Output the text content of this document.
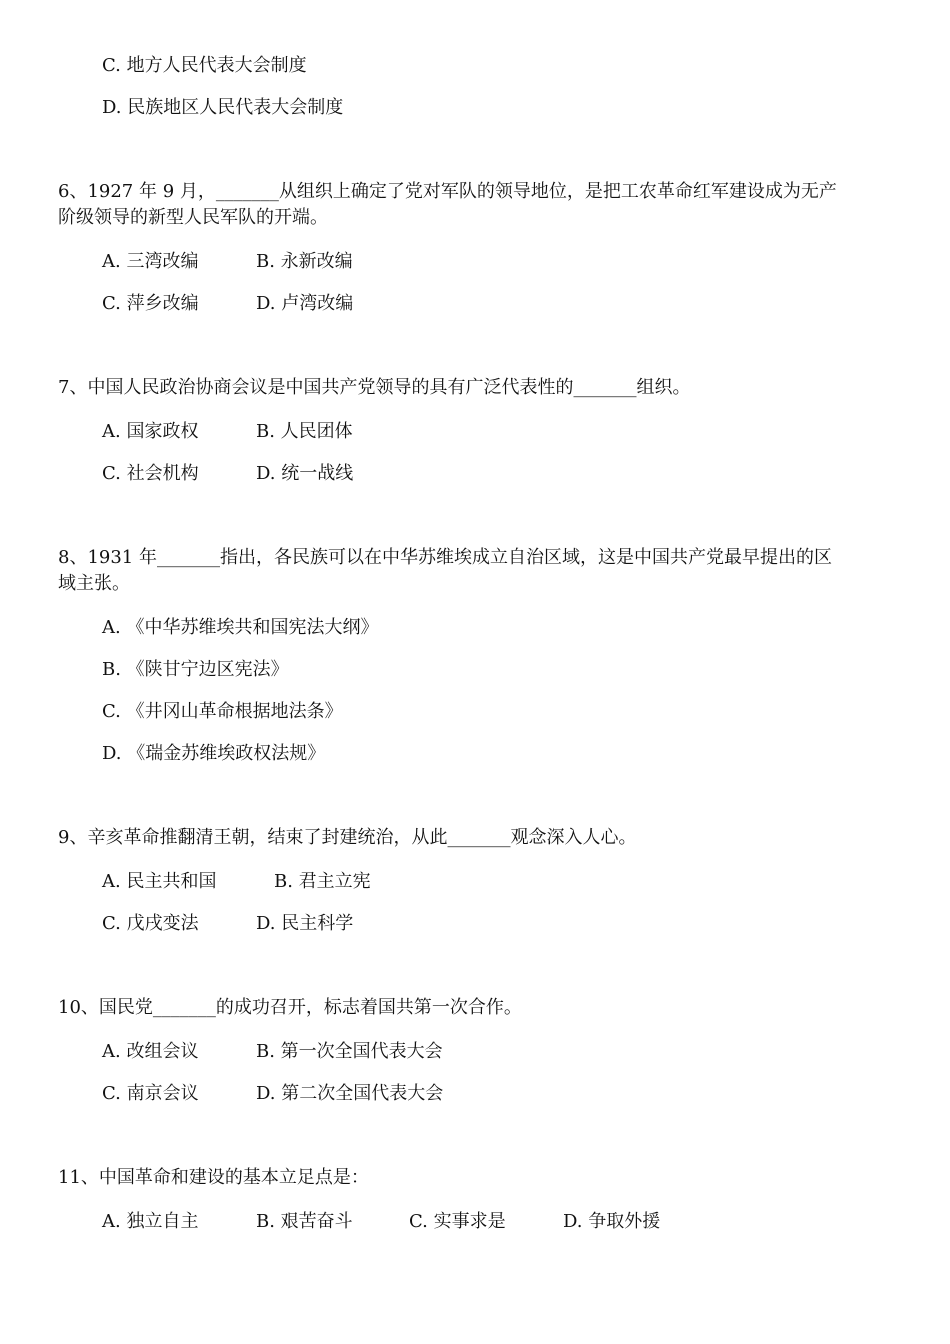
C. 地方人民代表大会制度
D. 民族地区人民代表大会制度
6、1927 年 9 月，_______从组织上确定了党对军队的领导地位，是把工农革命红军建设成为无产
阶级领导的新型人民军队的开端。
A. 三湾改编	B. 永新改编
C. 萍乡改编	D. 卢湾改编
7、中国人民政治协商会议是中国共产党领导的具有广泛代表性的_______组织。
A. 国家政权	B. 人民团体
C. 社会机构	D. 统一战线
8、1931 年_______指出，各民族可以在中华苏维埃成立自治区域，这是中国共产党最早提出的区
域主张。
A. 《中华苏维埃共和国宪法大纲》
B. 《陕甘宁边区宪法》
C. 《井冈山革命根据地法条》
D. 《瑞金苏维埃政权法规》
9、辛亥革命推翻清王朝，结束了封建统治，从此_______观念深入人心。
A. 民主共和国	B. 君主立宪
C. 戊戌变法	D. 民主科学
10、国民党_______的成功召开，标志着国共第一次合作。
A. 改组会议	B. 第一次全国代表大会
C. 南京会议	D. 第二次全国代表大会
11、中国革命和建设的基本立足点是：
A. 独立自主	B. 艰苦奋斗	C. 实事求是	D. 争取外援
